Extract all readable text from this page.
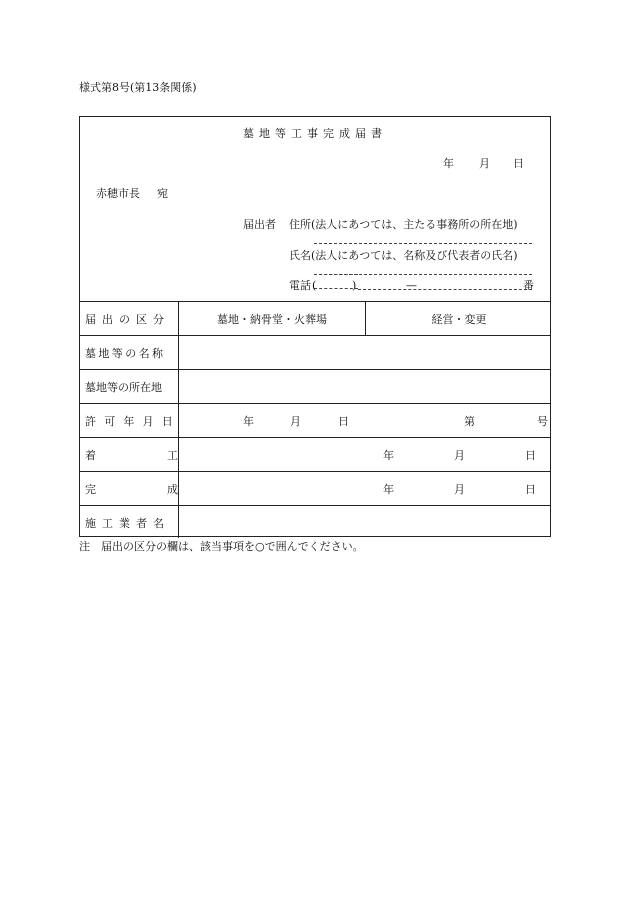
様式第8号(第13条関係)
墓地等工事完成届書
年 月 日
赤穂市長 宛
届出者 住所(法人にあつては、主たる事務所の所在地)
氏名(法人にあつては、名称及び代表者の氏名)
電話 (	)	—	番
届出の区分	墓地・納骨堂・火葬場	経営・変更
墓地等の名称
墓地等の所在地
許可年月日	年	月	日	第	号
着工	年	月	日
完成	年	月	日
施工業者名
注　届出の区分の欄は、該当事項を○で囲んでください。
